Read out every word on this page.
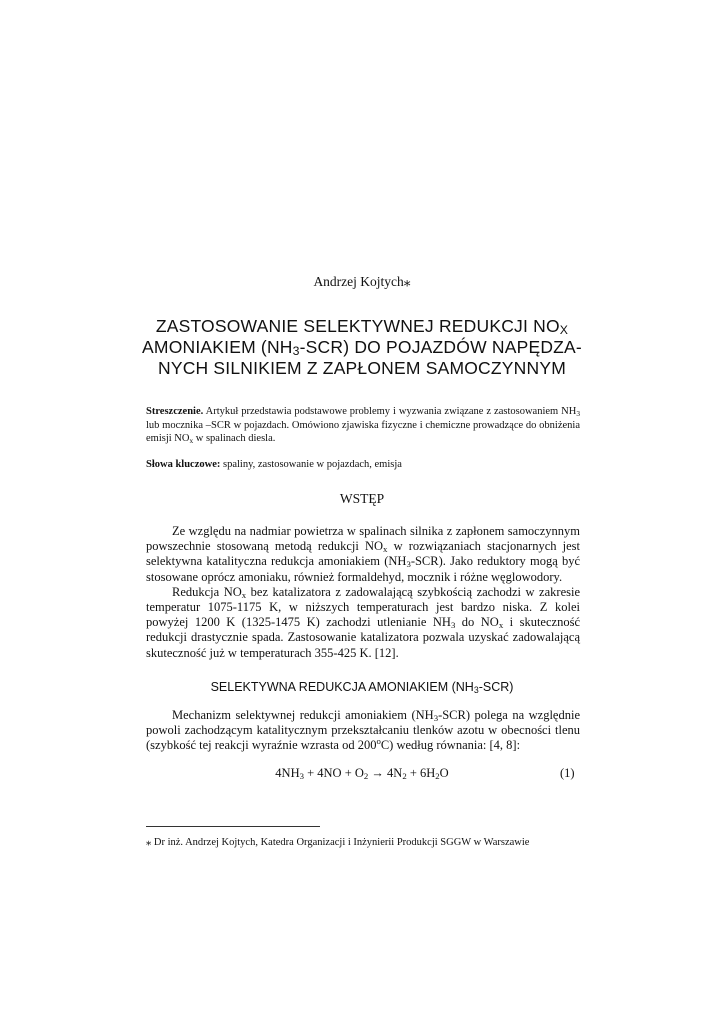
Andrzej Kojtych⁎
ZASTOSOWANIE SELEKTYWNEJ REDUKCJI $NO_X$
AMONIAKIEM $(NH_3-SCR)$ DO POJAZDÓW NAPĘDZA-
NYCH SILNIKIEM Z ZAPŁONEM SAMOCZYNNYM
Streszczenie. Artykuł przedstawia podstawowe problemy i wyzwania związane z zastosowaniem $NH_3$ lub mocznika –SCR w pojazdach. Omówiono zjawiska fizyczne i chemiczne prowadzące do obniżenia emisji $NO_x$ w spalinach diesla.
Słowa kluczowe: spaliny, zastosowanie w pojazdach, emisja
WSTĘP

Ze względu na nadmiar powietrza w spalinach silnika z zapłonem samoczynnym powszechnie stosowaną metodą redukcji $NO_x$ w rozwiązaniach stacjonarnych jest selektywna katalityczna redukcja amoniakiem $(NH_3-SCR)$. Jako reduktory mogą być stosowane oprócz amoniaku, również formaldehyd, mocznik i różne węglowodory.

Redukcja $NO_x$ bez katalizatora z zadowalającą szybkością zachodzi w zakresie temperatur 1075-1175 K, w niższych temperaturach jest bardzo niska. Z kolei powyżej 1200 K (1325-1475 K) zachodzi utlenianie $NH_3$ do $NO_x$ i skuteczność redukcji drastycznie spada. Zastosowanie katalizatora pozwala uzyskać zadowalającą skuteczność już w temperaturach 355-425 K. [12].

SELEKTYWNA REDUKCJA AMONIAKIEM $(NH_3-SCR)$

Mechanizm selektywnej redukcji amoniakiem $(NH_3-SCR)$ polega na względnie powoli zachodzącym katalitycznym przekształcaniu tlenków azotu w obecności tlenu (szybkość tej reakcji wyraźnie wzrasta od 200$^o$C) według równania: [4, 8]:

$4NH_3 + 4NO + O_2 \to 4N_2 + 6H_2O$	(1)
⁎ Dr inż. Andrzej Kojtych, Katedra Organizacji i Inżynierii Produkcji SGGW w Warszawie
